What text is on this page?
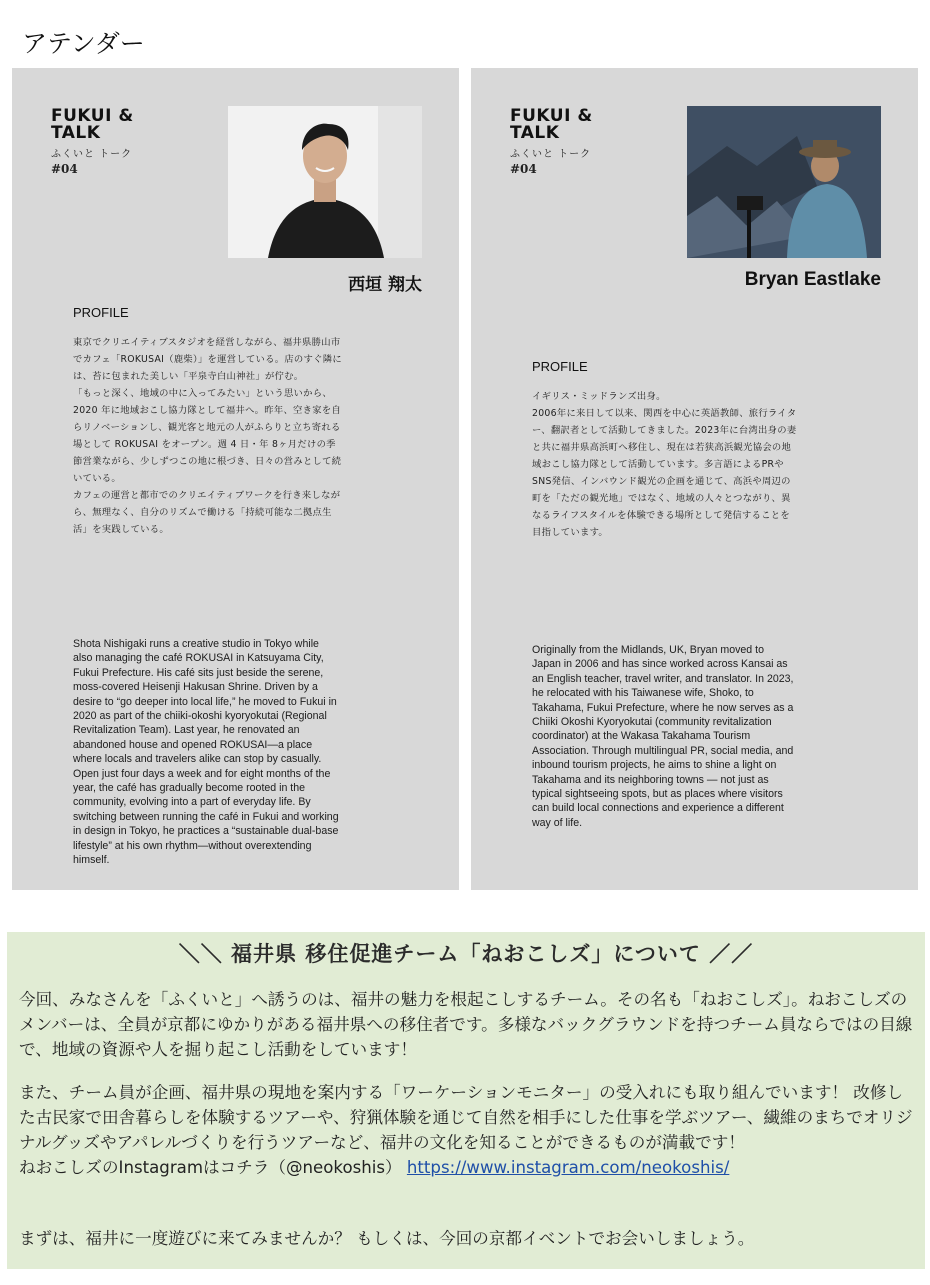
アテンダー
FUKUI &
TALK
ふくいと トーク
#04
西垣 翔太
PROFILE

東京でクリエイティブスタジオを経営しながら、福井県勝山市でカフェ「ROKUSAI（鹿柴）」を運営している。店のすぐ隣には、苔に包まれた美しい「平泉寺白山神社」が佇む。

「もっと深く、地域の中に入ってみたい」という思いから、2020 年に地域おこし協力隊として福井へ。昨年、空き家を自らリノベーションし、観光客と地元の人がふらりと立ち寄れる場として ROKUSAI をオープン。週 4 日・年 8ヶ月だけの季節営業ながら、少しずつこの地に根づき、日々の営みとして続いている。

カフェの運営と都市でのクリエイティブワークを行き来しながら、無理なく、自分のリズムで働ける「持続可能な二拠点生活」を実践している。

Shota Nishigaki runs a creative studio in Tokyo while also managing the café ROKUSAI in Katsuyama City, Fukui Prefecture. His café sits just beside the serene, moss-covered Heisenji Hakusan Shrine. Driven by a desire to “go deeper into local life,” he moved to Fukui in 2020 as part of the chiiki-okoshi kyoryokutai (Regional Revitalization Team). Last year, he renovated an abandoned house and opened ROKUSAI—a place where locals and travelers alike can stop by casually. Open just four days a week and for eight months of the year, the café has gradually become rooted in the community, evolving into a part of everyday life. By switching between running the café in Fukui and working in design in Tokyo, he practices a “sustainable dual-base lifestyle” at his own rhythm—without overextending himself.
FUKUI &
TALK
ふくいと トーク
#04
Bryan Eastlake
PROFILE

イギリス・ミッドランズ出身。

2006年に来日して以来、関西を中心に英語教師、旅行ライター、翻訳者として活動してきました。2023年に台湾出身の妻と共に福井県高浜町へ移住し、現在は若狭高浜観光協会の地域おこし協力隊として活動しています。多言語によるPRやSNS発信、インバウンド観光の企画を通じて、高浜や周辺の町を「ただの観光地」ではなく、地域の人々とつながり、異なるライフスタイルを体験できる場所として発信することを目指しています。

Originally from the Midlands, UK, Bryan moved to Japan in 2006 and has since worked across Kansai as an English teacher, travel writer, and translator. In 2023, he relocated with his Taiwanese wife, Shoko, to Takahama, Fukui Prefecture, where he now serves as a Chiiki Okoshi Kyoryokutai (community revitalization coordinator) at the Wakasa Takahama Tourism Association. Through multilingual PR, social media, and inbound tourism projects, he aims to shine a light on Takahama and its neighboring towns — not just as typical sightseeing spots, but as places where visitors can build local connections and experience a different way of life.
＼＼ 福井県 移住促進チーム「ねおこしズ」について ／／
今回、みなさんを「ふくいと」へ誘うのは、福井の魅力を根起こしするチーム。その名も「ねおこしズ」。ねおこしズのメンバーは、全員が京都にゆかりがある福井県への移住者です。多様なバックグラウンドを持つチーム員ならではの目線で、地域の資源や人を掘り起こし活動をしています！
また、チーム員が企画、福井県の現地を案内する「ワーケーションモニター」の受入れにも取り組んでいます！ 改修した古民家で田舎暮らしを体験するツアーや、狩猟体験を通じて自然を相手にした仕事を学ぶツアー、繊維のまちでオリジナルグッズやアパレルづくりを行うツアーなど、福井の文化を知ることができるものが満載です！
ねおこしズのInstagramはコチラ（@neokoshis） https://www.instagram.com/neokoshis/
まずは、福井に一度遊びに来てみませんか？ もしくは、今回の京都イベントでお会いしましょう。
